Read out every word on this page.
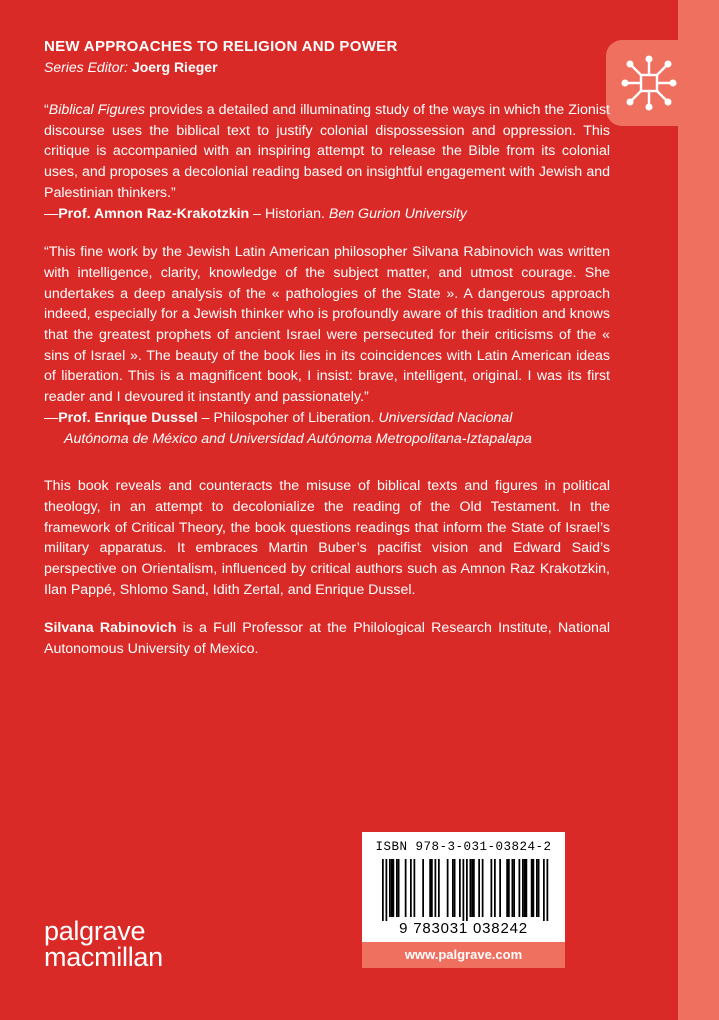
NEW APPROACHES TO RELIGION AND POWER
Series Editor: Joerg Rieger

“Biblical Figures provides a detailed and illuminating study of the ways in which the Zionist discourse uses the biblical text to justify colonial dispossession and oppression. This critique is accompanied with an inspiring attempt to release the Bible from its colonial uses, and proposes a decolonial reading based on insightful engagement with Jewish and Palestinian thinkers.”

—Prof. Amnon Raz-Krakotzkin – Historian. Ben Gurion University

“This fine work by the Jewish Latin American philosopher Silvana Rabinovich was written with intelligence, clarity, knowledge of the subject matter, and utmost courage. She undertakes a deep analysis of the « pathologies of the State ». A dangerous approach indeed, especially for a Jewish thinker who is profoundly aware of this tradition and knows that the greatest prophets of ancient Israel were persecuted for their criticisms of the « sins of Israel ». The beauty of the book lies in its coincidences with Latin American ideas of liberation. This is a magnificent book, I insist: brave, intelligent, original. I was its first reader and I devoured it instantly and passionately.”

—Prof. Enrique Dussel – Philospoher of Liberation. Universidad Nacional
Autónoma de México and Universidad Autónoma Metropolitana-Iztapalapa

This book reveals and counteracts the misuse of biblical texts and figures in political theology, in an attempt to decolonialize the reading of the Old Testament. In the framework of Critical Theory, the book questions readings that inform the State of Israel’s military apparatus. It embraces Martin Buber’s pacifist vision and Edward Said’s perspective on Orientalism, influenced by critical authors such as Amnon Raz Krakotzkin, Ilan Pappé, Shlomo Sand, Idith Zertal, and Enrique Dussel.

Silvana Rabinovich is a Full Professor at the Philological Research Institute, National Autonomous University of Mexico.

palgrave
macmillan
ISBN 978-3-031-03824-2
9 783031 038242
www.palgrave.com
